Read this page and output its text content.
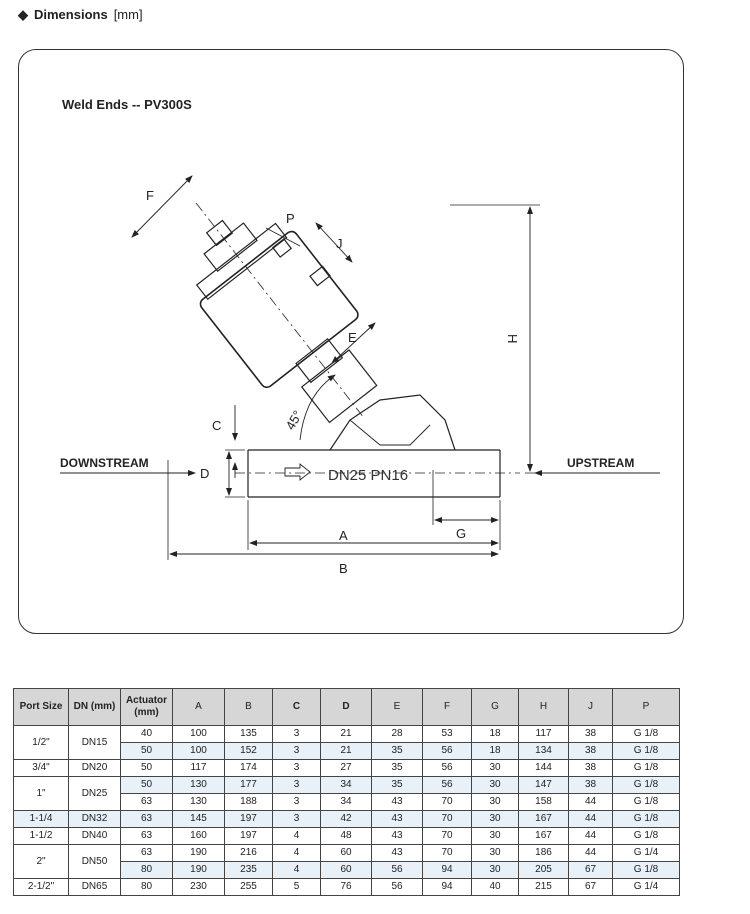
◆ Dimensions [mm]
Weld Ends -- PV300S
DOWNSTREAM	UPSTREAM
DN25 PN16
45°
A
B
C
D
E
F
G
H
J
P
Port Size	DN (mm)	Actuator (mm)	A	B	C	D	E	F	G	H	J	P
1/2"	DN15	40	100	135	3	21	28	53	18	117	38	G 1/8
		50	100	152	3	21	35	56	18	134	38	G 1/8
3/4"	DN20	50	117	174	3	27	35	56	30	144	38	G 1/8
1"	DN25	50	130	177	3	34	35	56	30	147	38	G 1/8
		63	130	188	3	34	43	70	30	158	44	G 1/8
1-1/4	DN32	63	145	197	3	42	43	70	30	167	44	G 1/8
1-1/2	DN40	63	160	197	4	48	43	70	30	167	44	G 1/8
2"	DN50	63	190	216	4	60	43	70	30	186	44	G 1/4
		80	190	235	4	60	56	94	30	205	67	G 1/8
2-1/2"	DN65	80	230	255	5	76	56	94	40	215	67	G 1/4
